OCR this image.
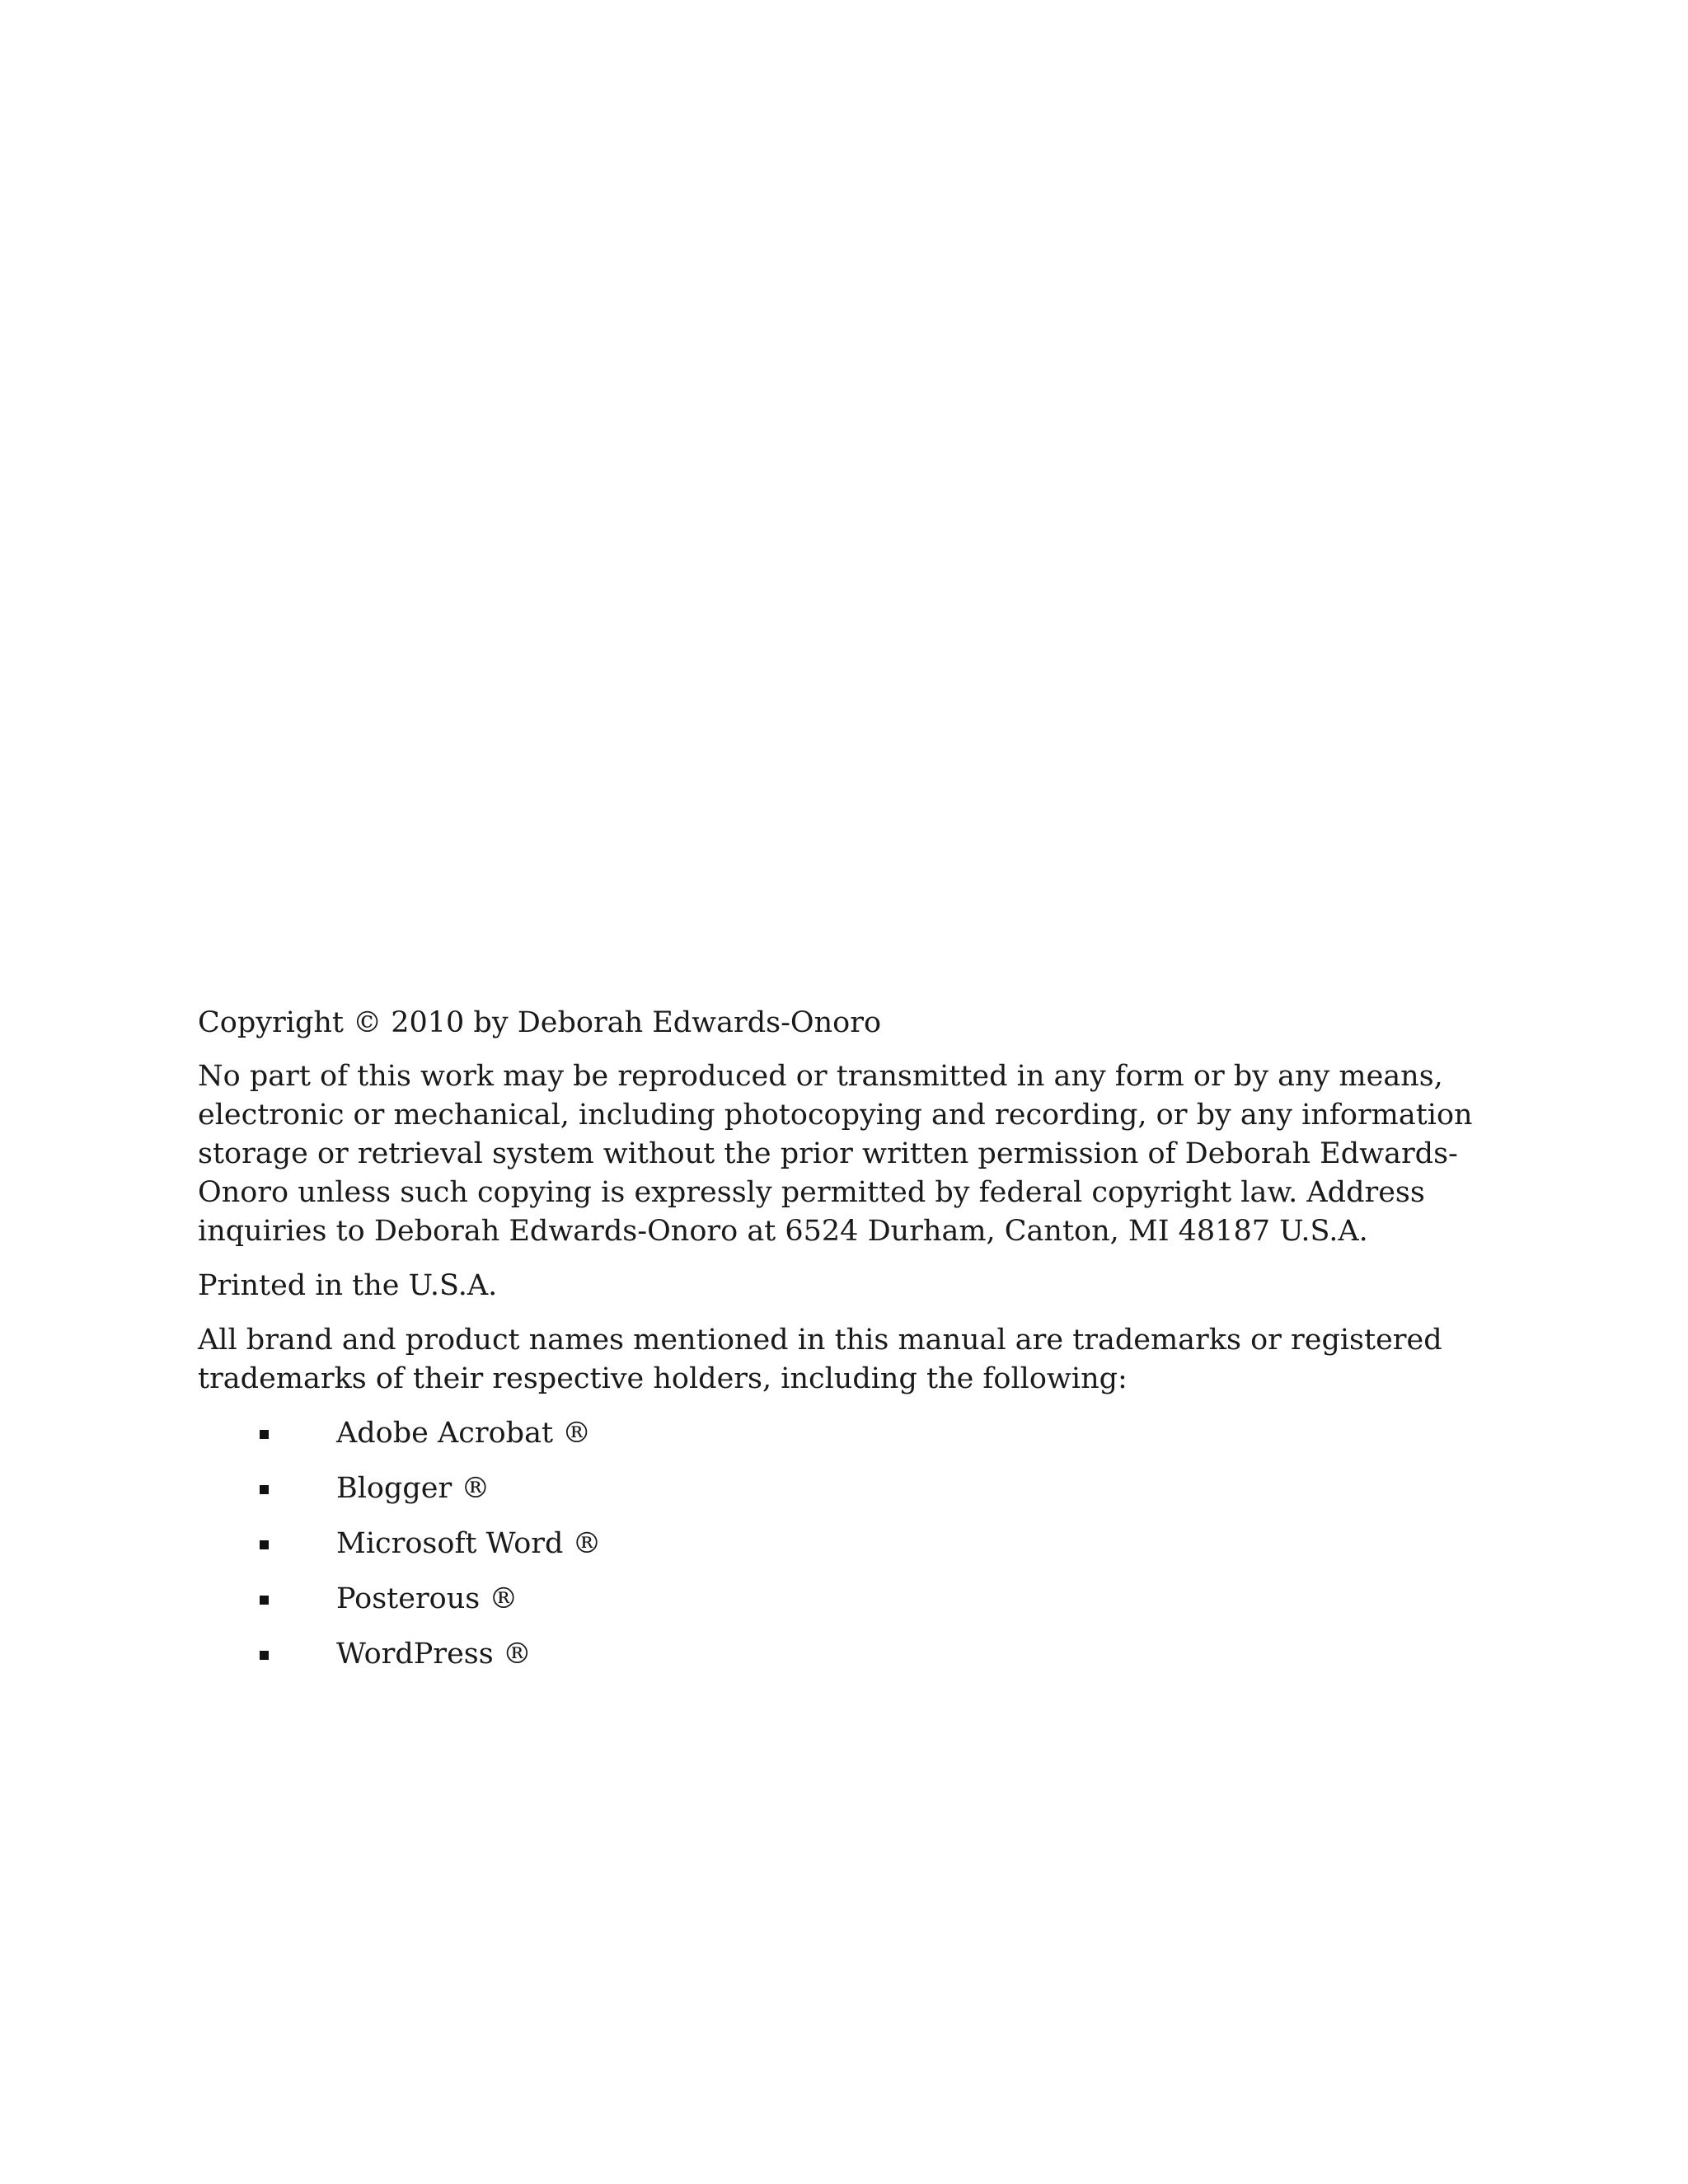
Copyright © 2010 by Deborah Edwards-Onoro

No part of this work may be reproduced or transmitted in any form or by any means, electronic or mechanical, including photocopying and recording, or by any information storage or retrieval system without the prior written permission of Deborah Edwards-Onoro unless such copying is expressly permitted by federal copyright law. Address inquiries to Deborah Edwards-Onoro at 6524 Durham, Canton, MI 48187 U.S.A.

Printed in the U.S.A.

All brand and product names mentioned in this manual are trademarks or registered trademarks of their respective holders, including the following:

Adobe Acrobat ®
Blogger ®
Microsoft Word ®
Posterous ®
WordPress ®
